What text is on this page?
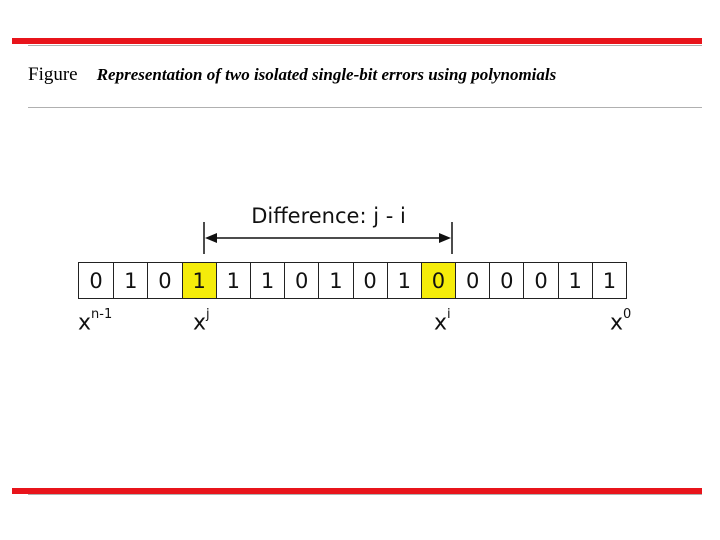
Figure Representation of two isolated single-bit errors using polynomials
Difference: j - i
0	1 0 1 1 1 0 1 0 1 0 0 0 0 1 1
$x^{n-1}$	$x^j$	$x^i$	$x^0$
